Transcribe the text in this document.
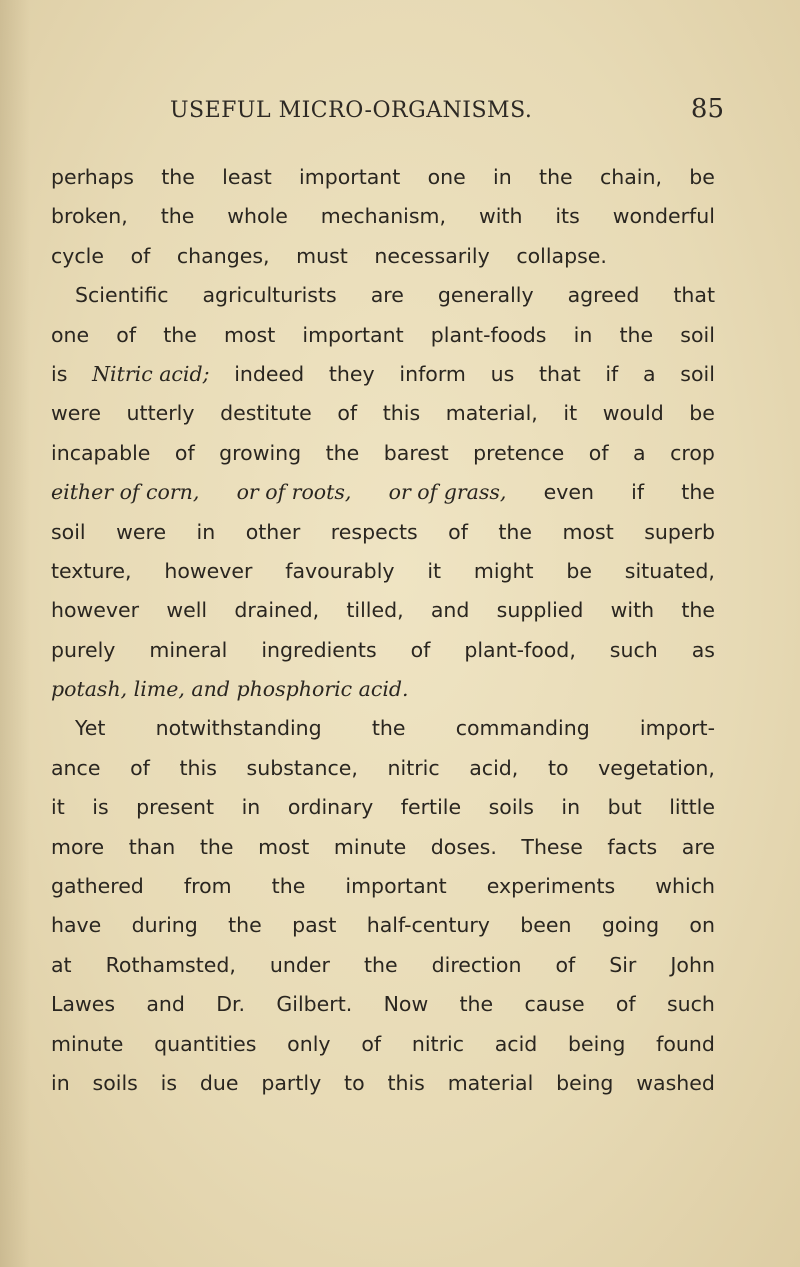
USEFUL MICRO-ORGANISMS.	85
perhaps the least important one in the chain, be
broken, the whole mechanism, with its wonderful
cycle of changes, must necessarily collapse.
Scientific agriculturists are generally agreed that
one of the most important plant-foods in the soil
is Nitric acid; indeed they inform us that if a soil
were utterly destitute of this material, it would be
incapable of growing the barest pretence of a crop
either of corn, or of roots, or of grass, even if the
soil were in other respects of the most superb
texture, however favourably it might be situated,
however well drained, tilled, and supplied with the
purely mineral ingredients of plant-food, such as
potash, lime, and phosphoric acid.
Yet notwithstanding the commanding import-
ance of this substance, nitric acid, to vegetation,
it is present in ordinary fertile soils in but little
more than the most minute doses. These facts are
gathered from the important experiments which
have during the past half-century been going on
at Rothamsted, under the direction of Sir John
Lawes and Dr. Gilbert. Now the cause of such
minute quantities only of nitric acid being found
in soils is due partly to this material being washed
